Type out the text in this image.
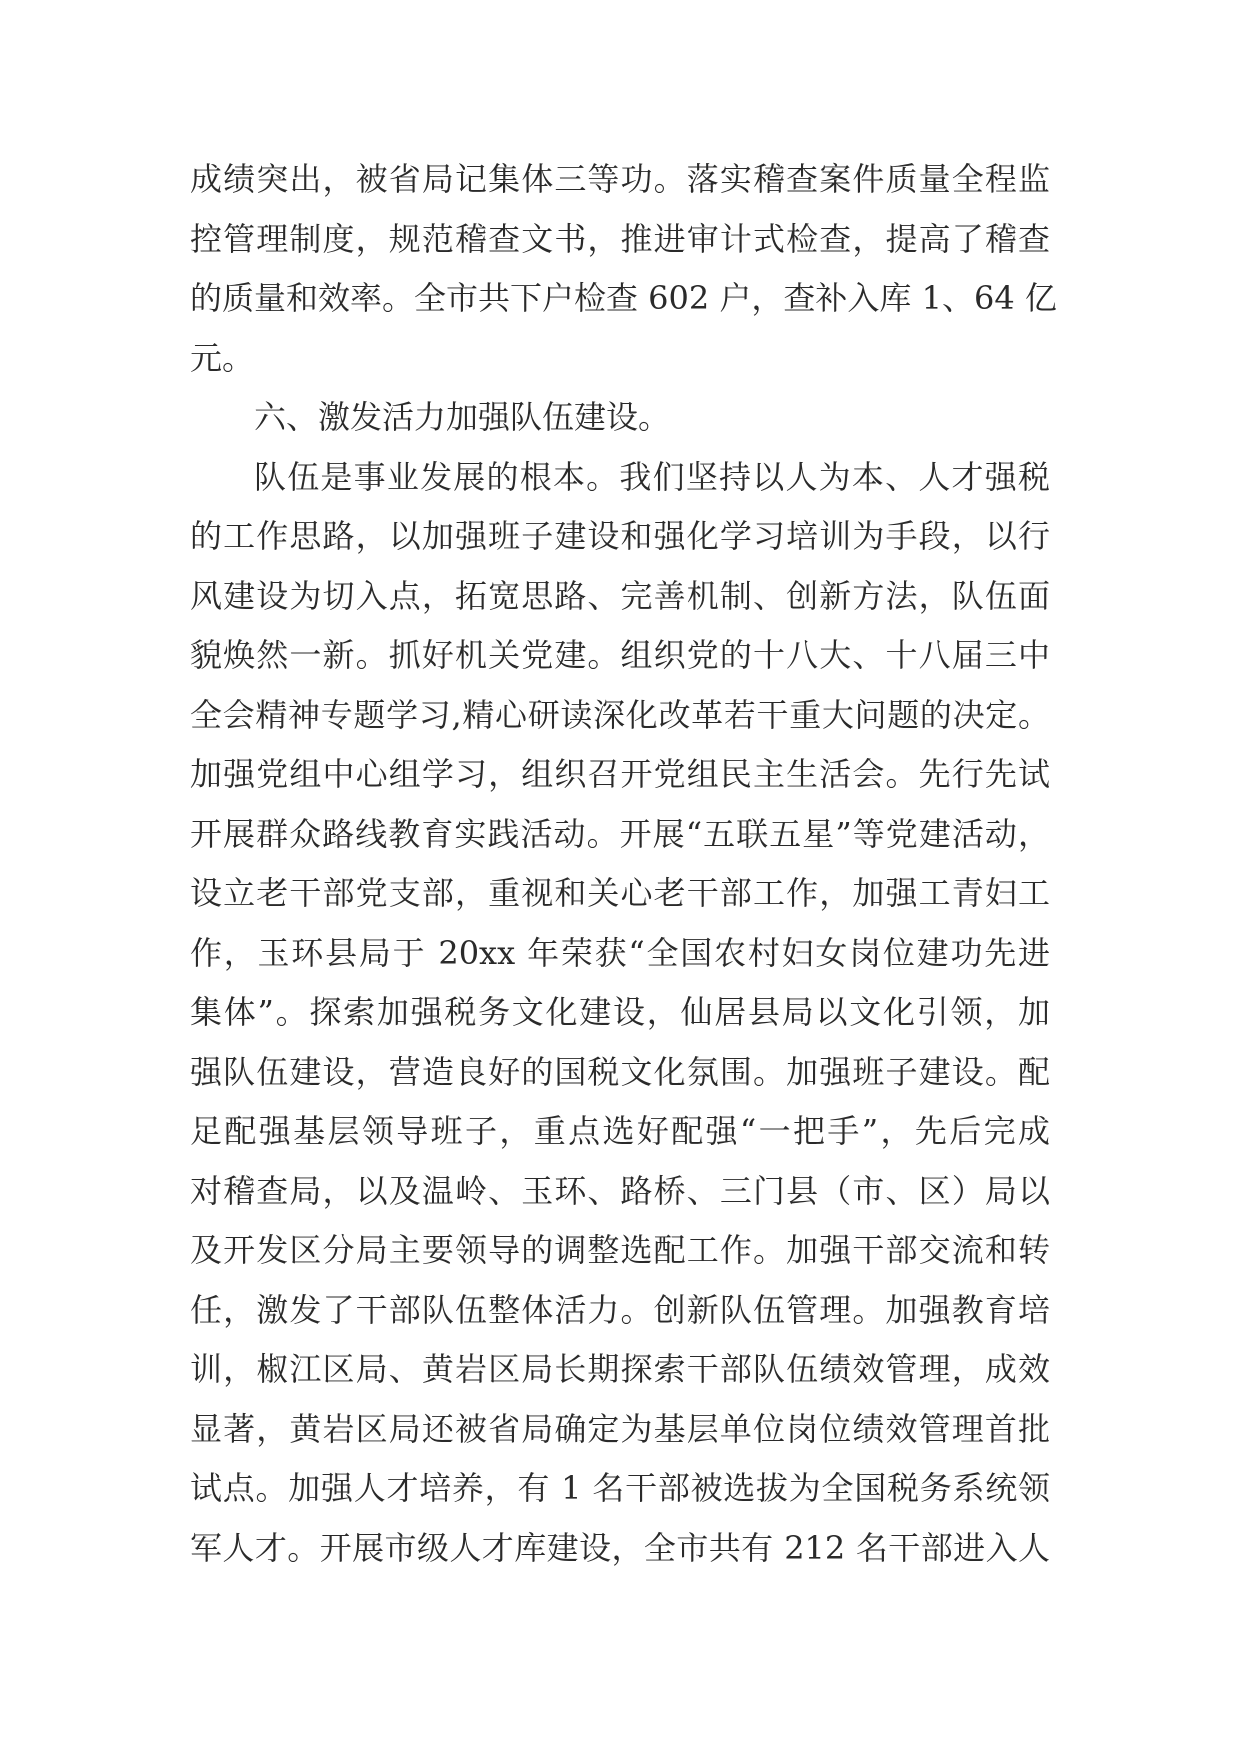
成绩突出，被省局记集体三等功。落实稽查案件质量全程监
控管理制度，规范稽查文书，推进审计式检查，提高了稽查
的质量和效率。全市共下户检查 602 户，查补入库 1、64 亿
元。
六、激发活力加强队伍建设。
队伍是事业发展的根本。我们坚持以人为本、人才强税
的工作思路，以加强班子建设和强化学习培训为手段，以行
风建设为切入点，拓宽思路、完善机制、创新方法，队伍面
貌焕然一新。抓好机关党建。组织党的十八大、十八届三中
全会精神专题学习,精心研读深化改革若干重大问题的决定。
加强党组中心组学习，组织召开党组民主生活会。先行先试
开展群众路线教育实践活动。开展“五联五星”等党建活动，
设立老干部党支部，重视和关心老干部工作，加强工青妇工
作，玉环县局于 20xx 年荣获“全国农村妇女岗位建功先进
集体”。探索加强税务文化建设，仙居县局以文化引领，加
强队伍建设，营造良好的国税文化氛围。加强班子建设。配
足配强基层领导班子，重点选好配强“一把手”，先后完成
对稽查局，以及温岭、玉环、路桥、三门县（市、区）局以
及开发区分局主要领导的调整选配工作。加强干部交流和转
任，激发了干部队伍整体活力。创新队伍管理。加强教育培
训，椒江区局、黄岩区局长期探索干部队伍绩效管理，成效
显著，黄岩区局还被省局确定为基层单位岗位绩效管理首批
试点。加强人才培养，有 1 名干部被选拔为全国税务系统领
军人才。开展市级人才库建设，全市共有 212 名干部进入人
